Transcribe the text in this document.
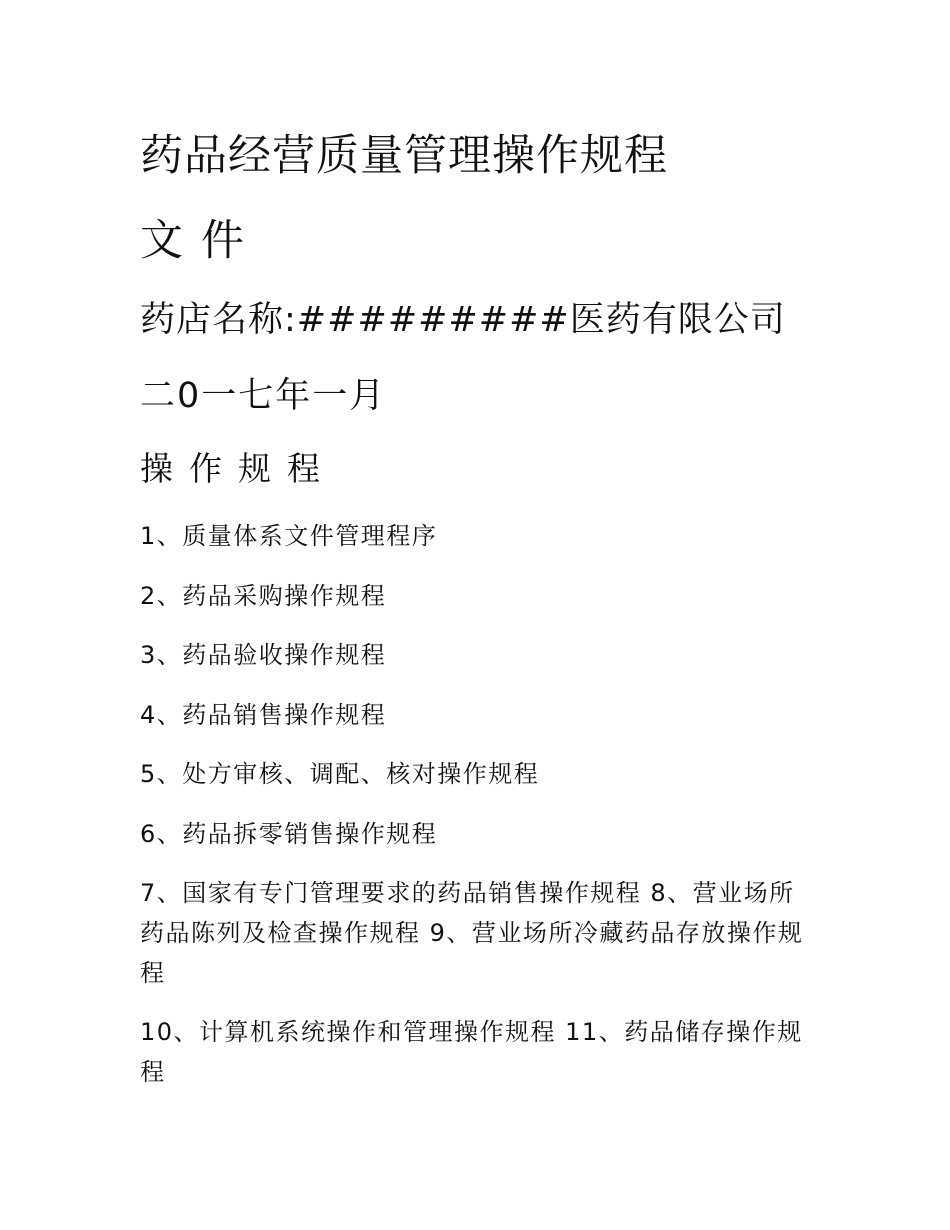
药品经营质量管理操作规程
文 件
药店名称:#########医药有限公司
二0一七年一月
操作规程
1、质量体系文件管理程序
2、药品采购操作规程
3、药品验收操作规程
4、药品销售操作规程
5、处方审核、调配、核对操作规程
6、药品拆零销售操作规程
7、国家有专门管理要求的药品销售操作规程 8、营业场所药品陈列及检查操作规程 9、营业场所冷藏药品存放操作规程
10、计算机系统操作和管理操作规程 11、药品储存操作规程
